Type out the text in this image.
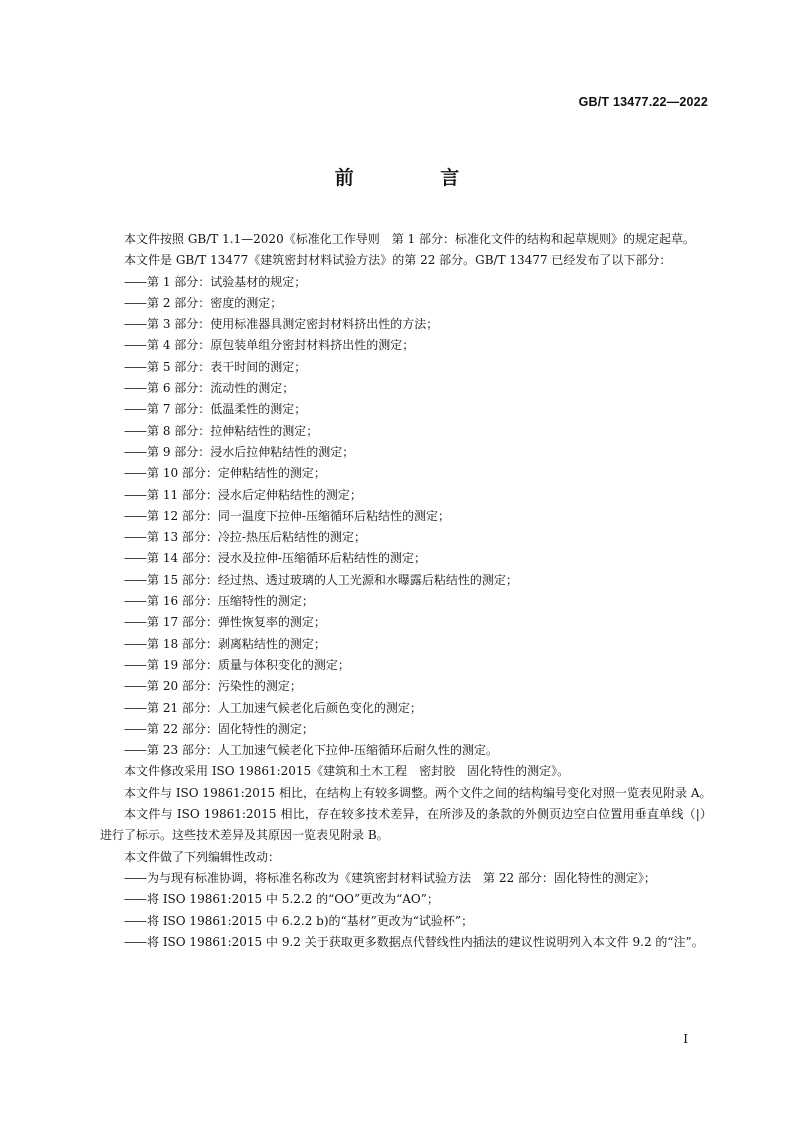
GB/T 13477.22—2022
前 言
本文件按照 GB/T 1.1—2020《标准化工作导则　第 1 部分：标准化文件的结构和起草规则》的规定起草。
本文件是 GB/T 13477《建筑密封材料试验方法》的第 22 部分。GB/T 13477 已经发布了以下部分：
——第 1 部分：试验基材的规定；
——第 2 部分：密度的测定；
——第 3 部分：使用标准器具测定密封材料挤出性的方法；
——第 4 部分：原包装单组分密封材料挤出性的测定；
——第 5 部分：表干时间的测定；
——第 6 部分：流动性的测定；
——第 7 部分：低温柔性的测定；
——第 8 部分：拉伸粘结性的测定；
——第 9 部分：浸水后拉伸粘结性的测定；
——第 10 部分：定伸粘结性的测定；
——第 11 部分：浸水后定伸粘结性的测定；
——第 12 部分：同一温度下拉伸-压缩循环后粘结性的测定；
——第 13 部分：冷拉-热压后粘结性的测定；
——第 14 部分：浸水及拉伸-压缩循环后粘结性的测定；
——第 15 部分：经过热、透过玻璃的人工光源和水曝露后粘结性的测定；
——第 16 部分：压缩特性的测定；
——第 17 部分：弹性恢复率的测定；
——第 18 部分：剥离粘结性的测定；
——第 19 部分：质量与体积变化的测定；
——第 20 部分：污染性的测定；
——第 21 部分：人工加速气候老化后颜色变化的测定；
——第 22 部分：固化特性的测定；
——第 23 部分：人工加速气候老化下拉伸-压缩循环后耐久性的测定。
本文件修改采用 ISO 19861:2015《建筑和土木工程　密封胶　固化特性的测定》。
本文件与 ISO 19861:2015 相比，在结构上有较多调整。两个文件之间的结构编号变化对照一览表见附录 A。
本文件与 ISO 19861:2015 相比，存在较多技术差异，在所涉及的条款的外侧页边空白位置用垂直单线（|）进行了标示。这些技术差异及其原因一览表见附录 B。
本文件做了下列编辑性改动：
——为与现有标准协调，将标准名称改为《建筑密封材料试验方法　第 22 部分：固化特性的测定》；
——将 ISO 19861:2015 中 5.2.2 的“OO”更改为“AO”；
——将 ISO 19861:2015 中 6.2.2 b)的“基材”更改为“试验杯”；
——将 ISO 19861:2015 中 9.2 关于获取更多数据点代替线性内插法的建议性说明列入本文件 9.2 的“注”。
I
